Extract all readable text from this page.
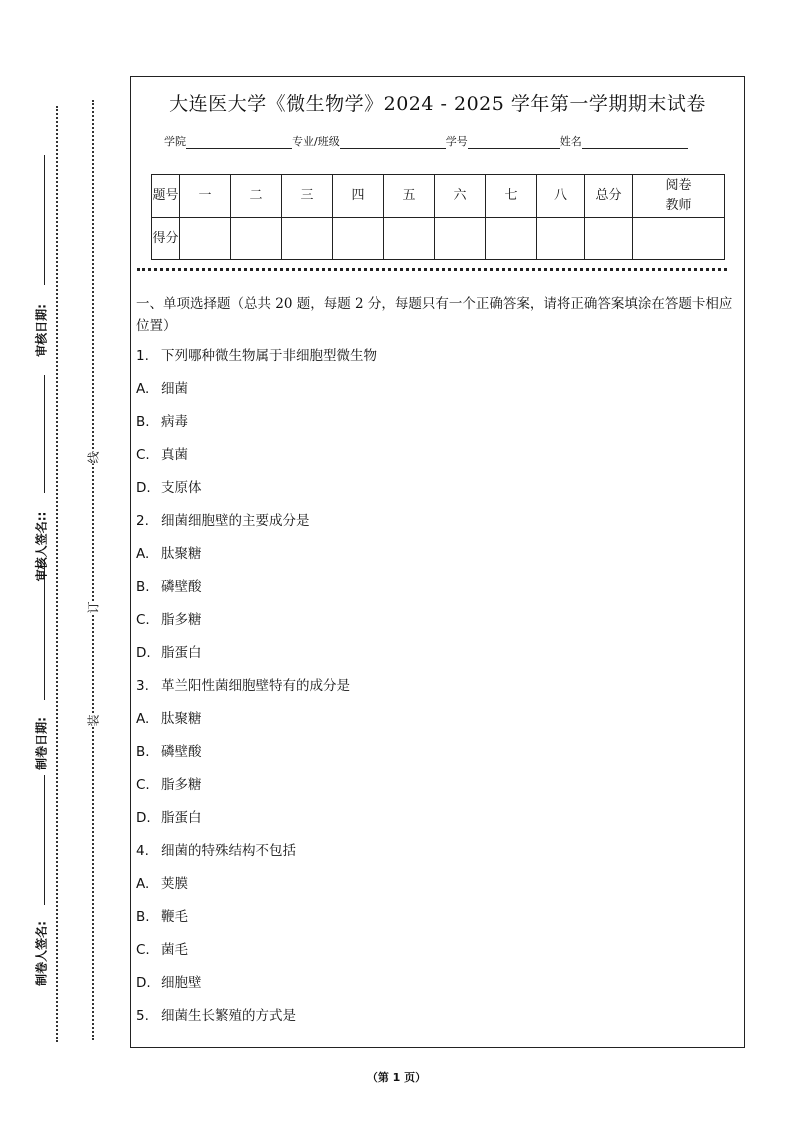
审核日期:
审核人签名::
制卷日期:
制卷人签名:
线
订
装
大连医大学《微生物学》2024 - 2025 学年第一学期期末试卷
学院	专业/班级	学号	姓名
题号	一	二	三	四	五	六	七	八	总分	阅卷教师
得分										
一、单项选择题（总共 20 题，每题 2 分，每题只有一个正确答案，请将正确答案填涂在答题卡相应位置）
1. 下列哪种微生物属于非细胞型微生物
A. 细菌
B. 病毒
C. 真菌
D. 支原体
2. 细菌细胞壁的主要成分是
A. 肽聚糖
B. 磷壁酸
C. 脂多糖
D. 脂蛋白
3. 革兰阳性菌细胞壁特有的成分是
A. 肽聚糖
B. 磷壁酸
C. 脂多糖
D. 脂蛋白
4. 细菌的特殊结构不包括
A. 荚膜
B. 鞭毛
C. 菌毛
D. 细胞壁
5. 细菌生长繁殖的方式是
（第 1 页）
